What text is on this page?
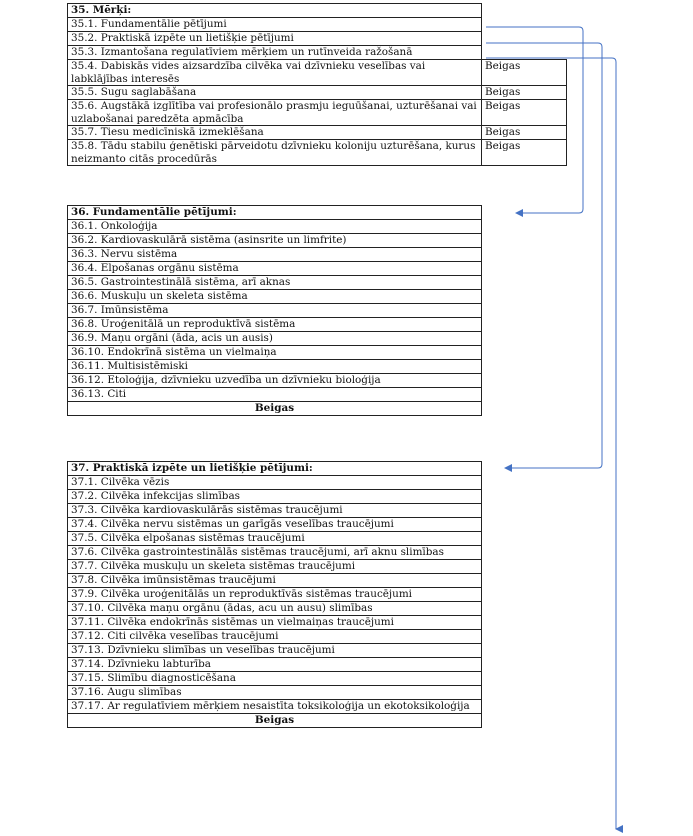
35. Mērķi:	
35.1. Fundamentālie pētījumi	
35.2. Praktiskā izpēte un lietišķie pētījumi	
35.3. Izmantošana regulatīviem mērķiem un rutīnveida ražošanā	
35.4. Dabiskās vides aizsardzība cilvēka vai dzīvnieku veselības vai labklājības interesēs	Beigas
35.5. Sugu saglabāšana	Beigas
35.6. Augstākā izglītība vai profesionālo prasmju ieguūšanai, uzturēšanai vai uzlabošanai paredzēta apmācība	Beigas
35.7. Tiesu medicīniskā izmeklēšana	Beigas
35.8. Tādu stabilu ģenētiski pārveidotu dzīvnieku koloniju uzturēšana, kurus neizmanto citās procedūrās	Beigas
36. Fundamentālie pētījumi:
36.1. Onkoloģija
36.2. Kardiovaskulārā sistēma (asinsrite un limfrite)
36.3. Nervu sistēma
36.4. Elpošanas orgānu sistēma
36.5. Gastrointestinālā sistēma, arī aknas
36.6. Muskuļu un skeleta sistēma
36.7. Imūnsistēma
36.8. Uroģenitālā un reproduktīvā sistēma
36.9. Maņu orgāni (āda, acis un ausis)
36.10. Endokrīnā sistēma un vielmaiņa
36.11. Multisistēmiski
36.12. Etoloģija, dzīvnieku uzvedība un dzīvnieku bioloģija
36.13. Citi
Beigas
37. Praktiskā izpēte un lietišķie pētījumi:
37.1. Cilvēka vēzis
37.2. Cilvēka infekcijas slimības
37.3. Cilvēka kardiovaskulārās sistēmas traucējumi
37.4. Cilvēka nervu sistēmas un garīgās veselības traucējumi
37.5. Cilvēka elpošanas sistēmas traucējumi
37.6. Cilvēka gastrointestinālās sistēmas traucējumi, arī aknu slimības
37.7. Cilvēka muskuļu un skeleta sistēmas traucējumi
37.8. Cilvēka imūnsistēmas traucējumi
37.9. Cilvēka uroģenitālās un reproduktīvās sistēmas traucējumi
37.10. Cilvēka maņu orgānu (ādas, acu un ausu) slimības
37.11. Cilvēka endokrīnās sistēmas un vielmaiņas traucējumi
37.12. Citi cilvēka veselības traucējumi
37.13. Dzīvnieku slimības un veselības traucējumi
37.14. Dzīvnieku labturība
37.15. Slimību diagnosticēšana
37.16. Augu slimības
37.17. Ar regulatīviem mērķiem nesaistīta toksikoloģija un ekotoksikoloģija
Beigas
